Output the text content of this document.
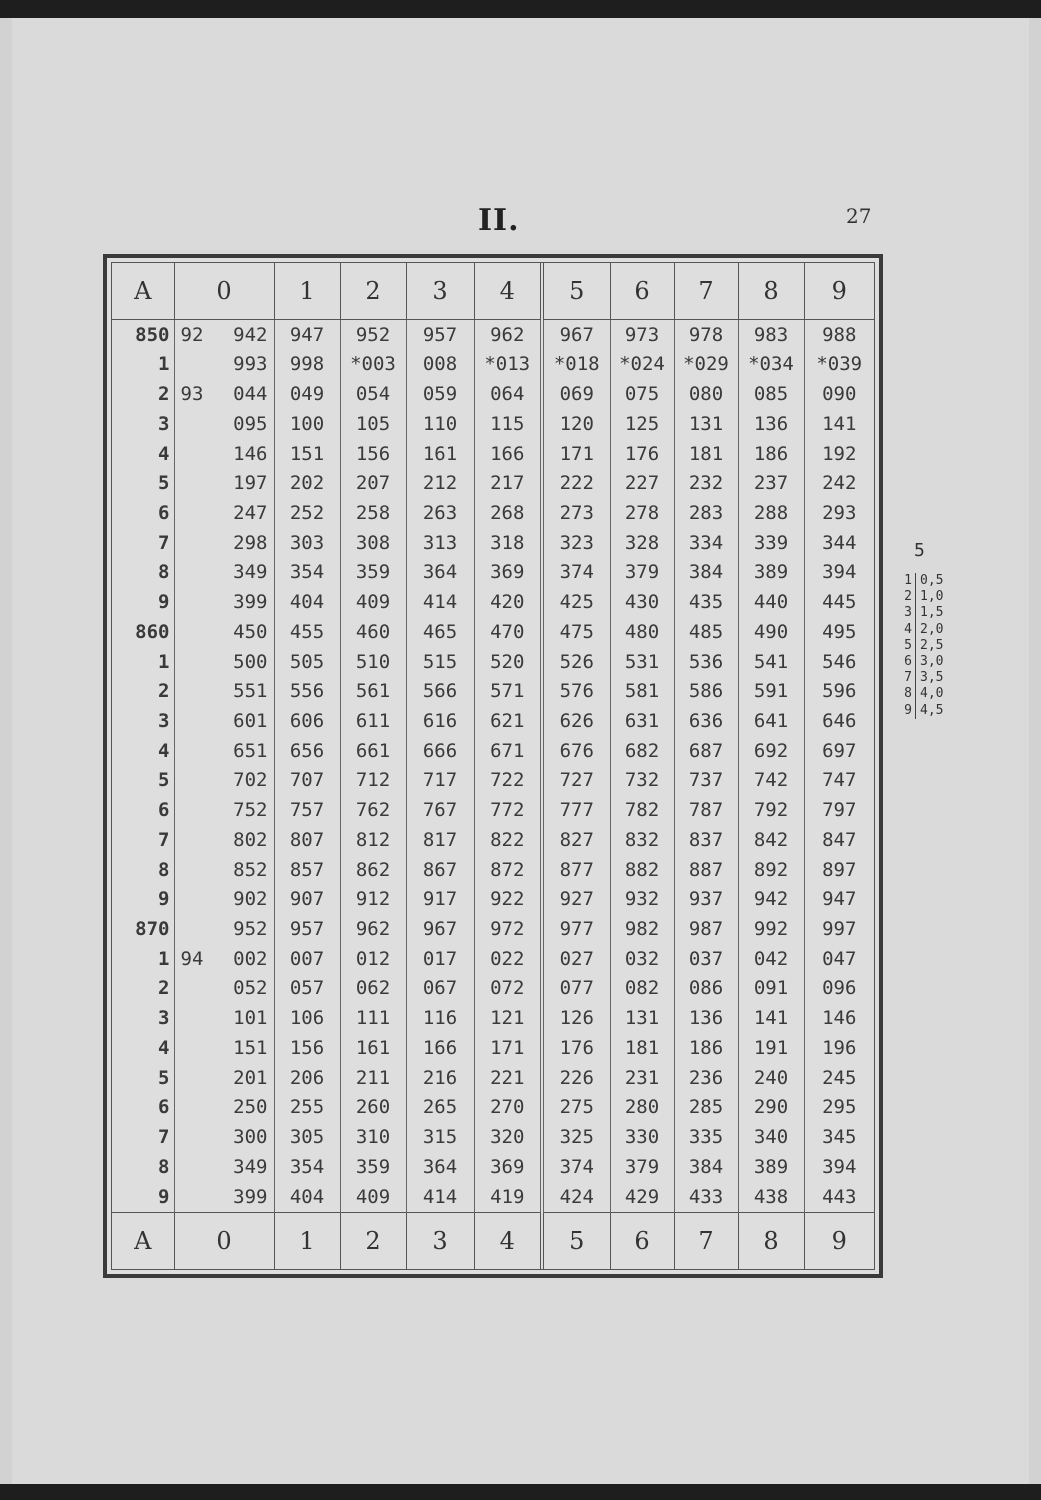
II.	27
A	0	1	2	3	4	5	6	7	8	9
850	92 942	947	952	957	962	967	973	978	983	988
1	993	998	*003	008	*013	*018	*024	*029	*034	*039
2	93 044	049	054	059	064	069	075	080	085	090
3	095	100	105	110	115	120	125	131	136	141
4	146	151	156	161	166	171	176	181	186	192
5	197	202	207	212	217	222	227	232	237	242
6	247	252	258	263	268	273	278	283	288	293
7	298	303	308	313	318	323	328	334	339	344
8	349	354	359	364	369	374	379	384	389	394
9	399	404	409	414	420	425	430	435	440	445
860	450	455	460	465	470	475	480	485	490	495
1	500	505	510	515	520	526	531	536	541	546
2	551	556	561	566	571	576	581	586	591	596
3	601	606	611	616	621	626	631	636	641	646
4	651	656	661	666	671	676	682	687	692	697
5	702	707	712	717	722	727	732	737	742	747
6	752	757	762	767	772	777	782	787	792	797
7	802	807	812	817	822	827	832	837	842	847
8	852	857	862	867	872	877	882	887	892	897
9	902	907	912	917	922	927	932	937	942	947
870	952	957	962	967	972	977	982	987	992	997
1	94 002	007	012	017	022	027	032	037	042	047
2	052	057	062	067	072	077	082	086	091	096
3	101	106	111	116	121	126	131	136	141	146
4	151	156	161	166	171	176	181	186	191	196
5	201	206	211	216	221	226	231	236	240	245
6	250	255	260	265	270	275	280	285	290	295
7	300	305	310	315	320	325	330	335	340	345
8	349	354	359	364	369	374	379	384	389	394
9	399	404	409	414	419	424	429	433	438	443
A	0	1	2	3	4	5	6	7	8	9
5
1 0,5
2 1,0
3 1,5
4 2,0
5 2,5
6 3,0
7 3,5
8 4,0
9 4,5
